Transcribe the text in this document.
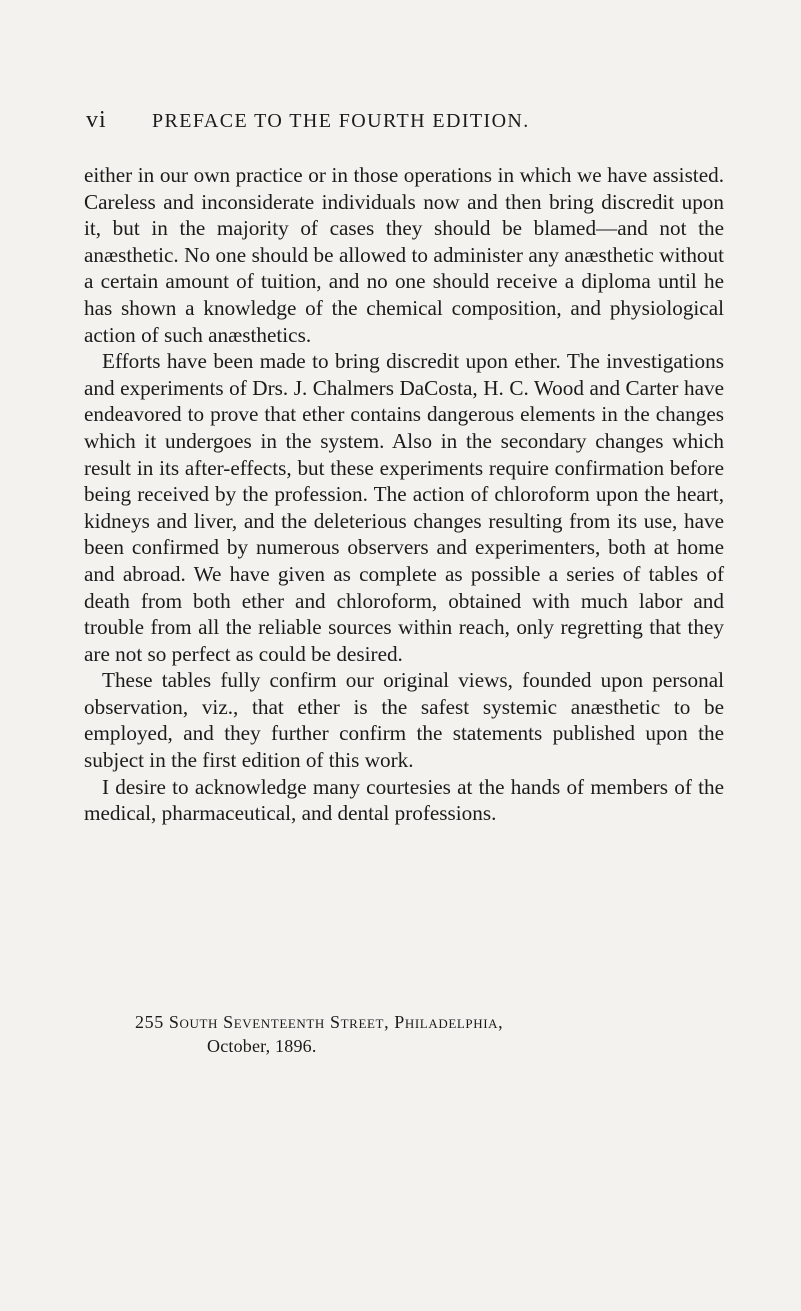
vi PREFACE TO THE FOURTH EDITION.

either in our own practice or in those operations in which we have assisted. Careless and inconsiderate individuals now and then bring discredit upon it, but in the majority of cases they should be blamed—and not the anæsthetic. No one should be allowed to administer any anæsthetic without a certain amount of tuition, and no one should receive a diploma until he has shown a knowledge of the chemical composition, and physiological action of such anæsthetics.

Efforts have been made to bring discredit upon ether. The investigations and experiments of Drs. J. Chalmers DaCosta, H. C. Wood and Carter have endeavored to prove that ether contains dangerous elements in the changes which it undergoes in the system. Also in the secondary changes which result in its after-effects, but these experiments require confirmation before being received by the profession. The action of chloroform upon the heart, kidneys and liver, and the deleterious changes resulting from its use, have been confirmed by numerous observers and experimenters, both at home and abroad. We have given as complete as possible a series of tables of death from both ether and chloroform, obtained with much labor and trouble from all the reliable sources within reach, only regretting that they are not so perfect as could be desired.

These tables fully confirm our original views, founded upon personal observation, viz., that ether is the safest systemic anæsthetic to be employed, and they further confirm the statements published upon the subject in the first edition of this work.

I desire to acknowledge many courtesies at the hands of members of the medical, pharmaceutical, and dental professions.

255 South Seventeenth Street, Philadelphia,
October, 1896.
